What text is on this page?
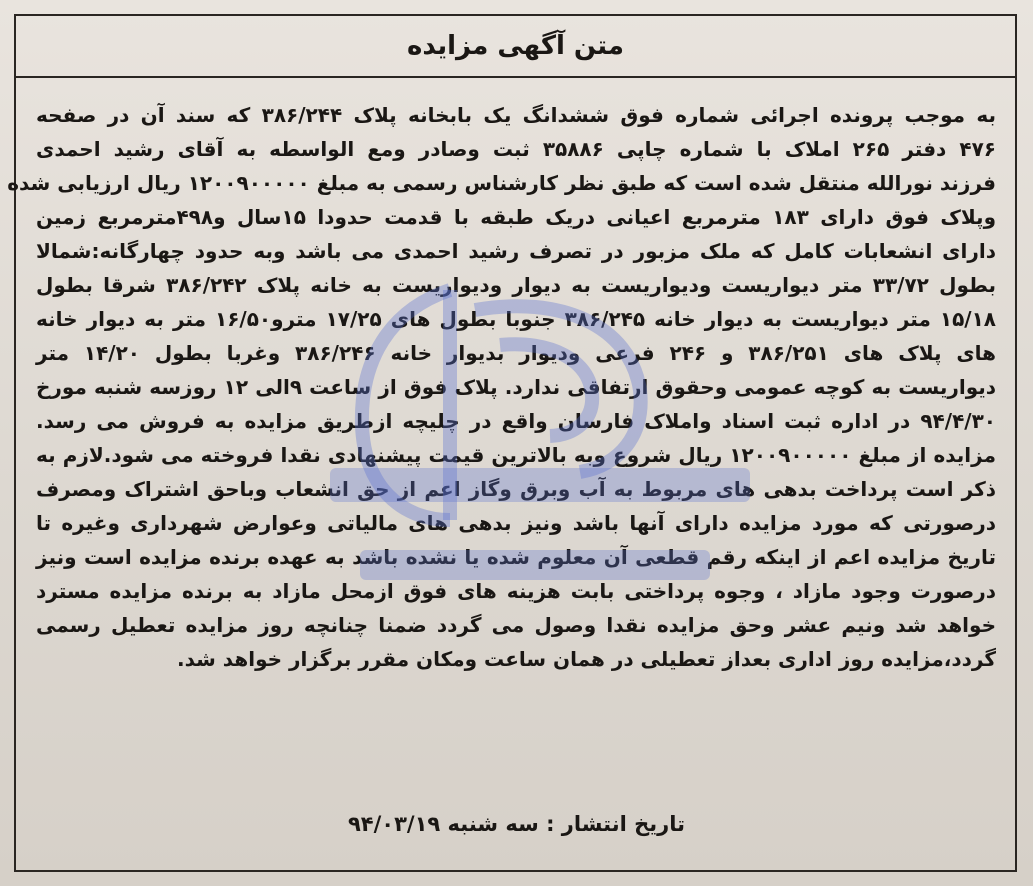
متن آگهی مزایده
به موجب پرونده اجرائی شماره فوق ششدانگ یک بابخانه پلاک ۳۸۶/۲۴۴ که سند آن در صفحه
۴۷۶ دفتر ۲۶۵ املاک با شماره چاپی ۳۵۸۸۶ ثبت وصادر ومع الواسطه به آقای رشید احمدی
فرزند نورالله منتقل شده است که طبق نظر کارشناس رسمی به مبلغ ۱۲۰۰۹۰۰۰۰۰ ریال ارزیابی شده
وپلاک فوق دارای ۱۸۳ مترمربع اعیانی دریک طبقه با قدمت حدودا ۱۵سال و۴۹۸مترمربع زمین
دارای انشعابات کامل که ملک مزبور در تصرف رشید احمدی می باشد وبه حدود چهارگانه:شمالا
بطول ۳۳/۷۲ متر دیواریست ودیواریست به دیوار ودیواریست به خانه پلاک ۳۸۶/۲۴۲ شرقا بطول
۱۵/۱۸ متر دیواریست به دیوار خانه ۳۸۶/۲۴۵ جنوبا بطول های ۱۷/۲۵ مترو۱۶/۵۰ متر به دیوار خانه
های پلاک های ۳۸۶/۲۵۱ و ۲۴۶ فرعی ودیوار بدیوار خانه ۳۸۶/۲۴۶ وغربا بطول ۱۴/۲۰ متر
دیواریست به کوچه عمومی وحقوق ارتفاقی ندارد. پلاک فوق از ساعت ۹الی ۱۲ روزسه شنبه مورخ
۹۴/۴/۳۰ در اداره ثبت اسناد واملاک فارسان واقع در چلیچه ازطریق مزایده به فروش می رسد.
مزایده از مبلغ ۱۲۰۰۹۰۰۰۰۰ ریال شروع وبه بالاترین قیمت پیشنهادی نقدا فروخته می شود.لازم به
ذکر است پرداخت بدهی های مربوط به آب وبرق وگاز اعم از حق انشعاب وباحق اشتراک ومصرف
درصورتی که مورد مزایده دارای آنها باشد ونیز بدهی های مالیاتی وعوارض شهرداری وغیره تا
تاریخ مزایده اعم از اینکه رقم قطعی آن معلوم شده یا نشده باشد به عهده برنده مزایده است ونیز
درصورت وجود مازاد ، وجوه پرداختی بابت هزینه های فوق ازمحل مازاد به برنده مزایده مسترد
خواهد شد ونیم عشر وحق مزایده نقدا وصول می گردد ضمنا چنانچه روز مزایده تعطیل رسمی
گردد،مزایده روز اداری بعداز تعطیلی در همان ساعت ومکان مقرر برگزار خواهد شد.
تاریخ انتشار : سه شنبه ۹۴/۰۳/۱۹
